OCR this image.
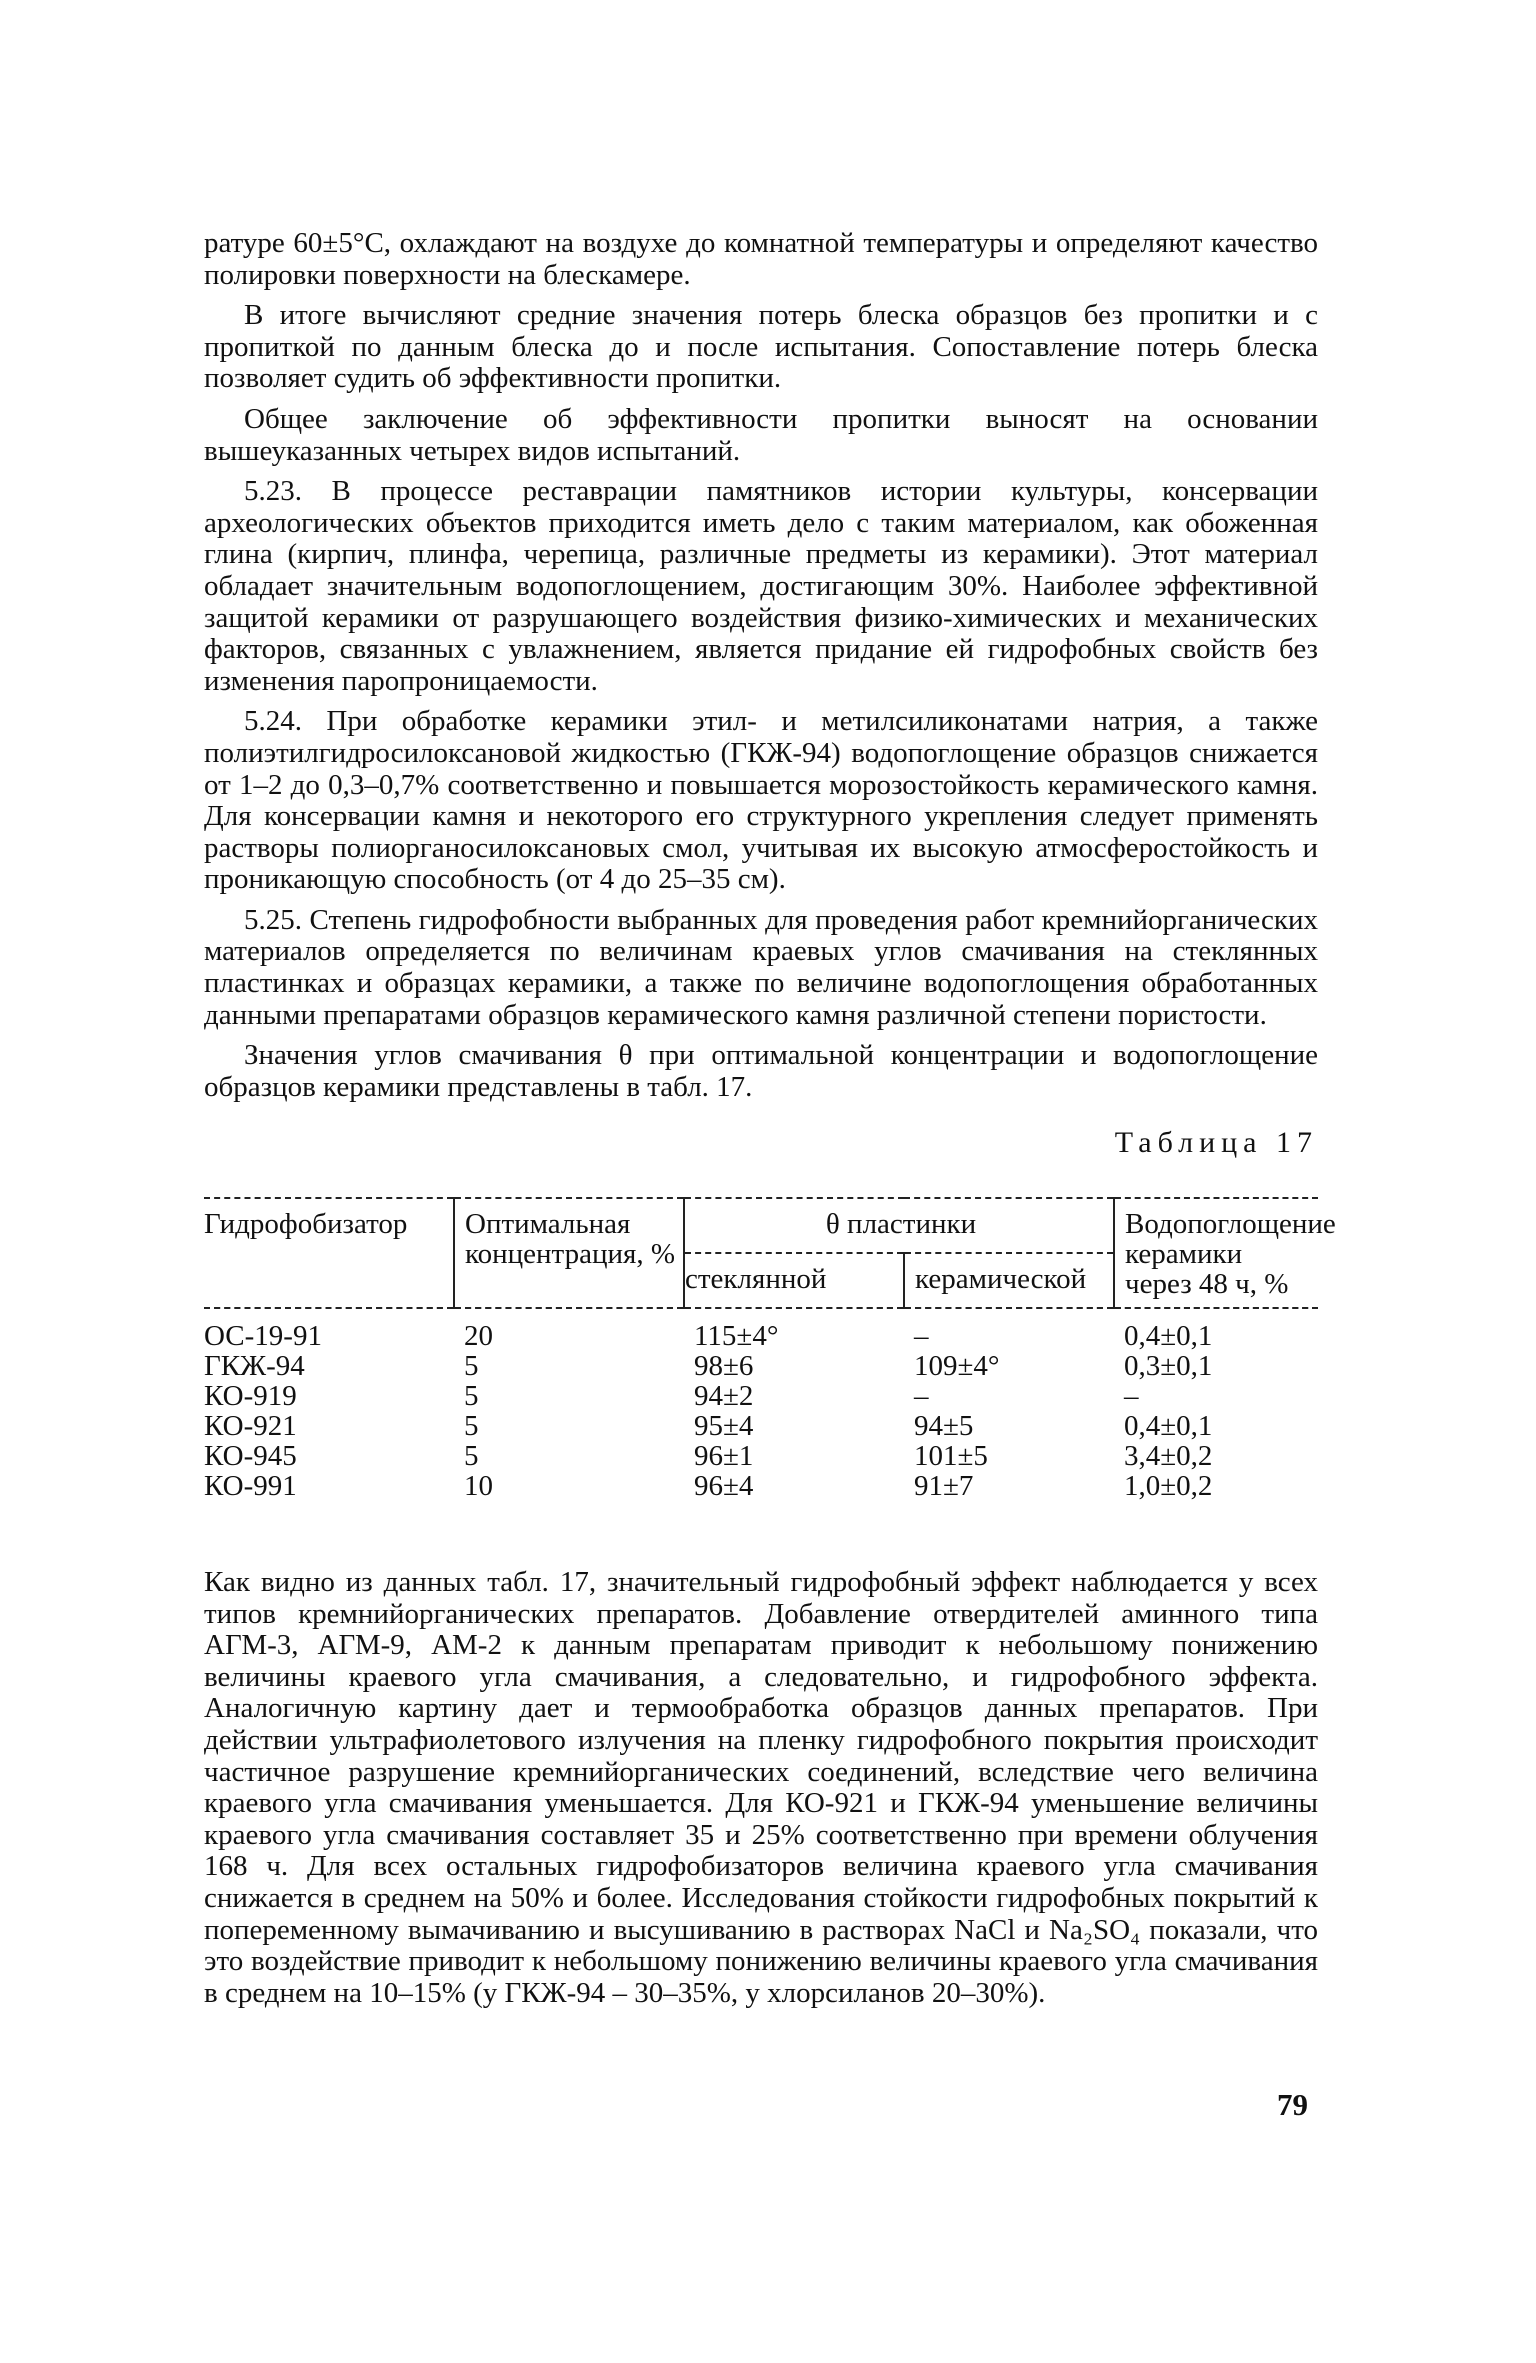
ратуре 60±5°С, охлаждают на воздухе до комнатной температуры и определяют качество полировки поверхности на блескамере.

В итоге вычисляют средние значения потерь блеска образцов без пропитки и с пропиткой по данным блеска до и после испытания. Сопоставление потерь блеска позволяет судить об эффективности пропитки.

Общее заключение об эффективности пропитки выносят на основании вышеуказанных четырех видов испытаний.

5.23. В процессе реставрации памятников истории культуры, консервации археологических объектов приходится иметь дело с таким материалом, как обоженная глина (кирпич, плинфа, черепица, различные предметы из керамики). Этот материал обладает значительным водопоглощением, достигающим 30%. Наиболее эффективной защитой керамики от разрушающего воздействия физико-химических и механических факторов, связанных с увлажнением, является придание ей гидрофобных свойств без изменения паропроницаемости.

5.24. При обработке керамики этил- и метилсиликонатами натрия, а также полиэтилгидросилоксановой жидкостью (ГКЖ-94) водопоглощение образцов снижается от 1–2 до 0,3–0,7% соответственно и повышается морозостойкость керамического камня. Для консервации камня и некоторого его структурного укрепления следует применять растворы полиорганосилоксановых смол, учитывая их высокую атмосферостойкость и проникающую способность (от 4 до 25–35 см).

5.25. Степень гидрофобности выбранных для проведения работ кремнийорганических материалов определяется по величинам краевых углов смачивания на стеклянных пластинках и образцах керамики, а также по величине водопоглощения обработанных данными препаратами образцов керамического камня различной степени пористости.

Значения углов смачивания θ при оптимальной концентрации и водопоглощение образцов керамики представлены в табл. 17.

Таблица 17
Гидрофобизатор	Оптимальная концентрация, %	θ пластинки		Водопоглощение керамики через 48 ч, %
		стеклянной	керамической	
ОС-19-91	20	115±4°	–	0,4±0,1
ГКЖ-94	5	98±6	109±4°	0,3±0,1
КО-919	5	94±2	–	–
КО-921	5	95±4	94±5	0,4±0,1
КО-945	5	96±1	101±5	3,4±0,2
КО-991	10	96±4	91±7	1,0±0,2

Как видно из данных табл. 17, значительный гидрофобный эффект наблюдается у всех типов кремнийорганических препаратов. Добавление отвердителей аминного типа АГМ-3, АГМ-9, АМ-2 к данным препаратам приводит к небольшому понижению величины краевого угла смачивания, а следовательно, и гидрофобного эффекта. Аналогичную картину дает и термообработка образцов данных препаратов. При действии ультрафиолетового излучения на пленку гидрофобного покрытия происходит частичное разрушение кремнийорганических соединений, вследствие чего величина краевого угла смачивания уменьшается. Для КО-921 и ГКЖ-94 уменьшение величины краевого угла смачивания составляет 35 и 25% соответственно при времени облучения 168 ч. Для всех остальных гидрофобизаторов величина краевого угла смачивания снижается в среднем на 50% и более. Исследования стойкости гидрофобных покрытий к попеременному вымачиванию и высушиванию в растворах NaCl и Na₂SO₄ показали, что это воздействие приводит к небольшому понижению величины краевого угла смачивания в среднем на 10–15% (у ГКЖ-94 – 30–35%, у хлорсиланов 20–30%).

79
